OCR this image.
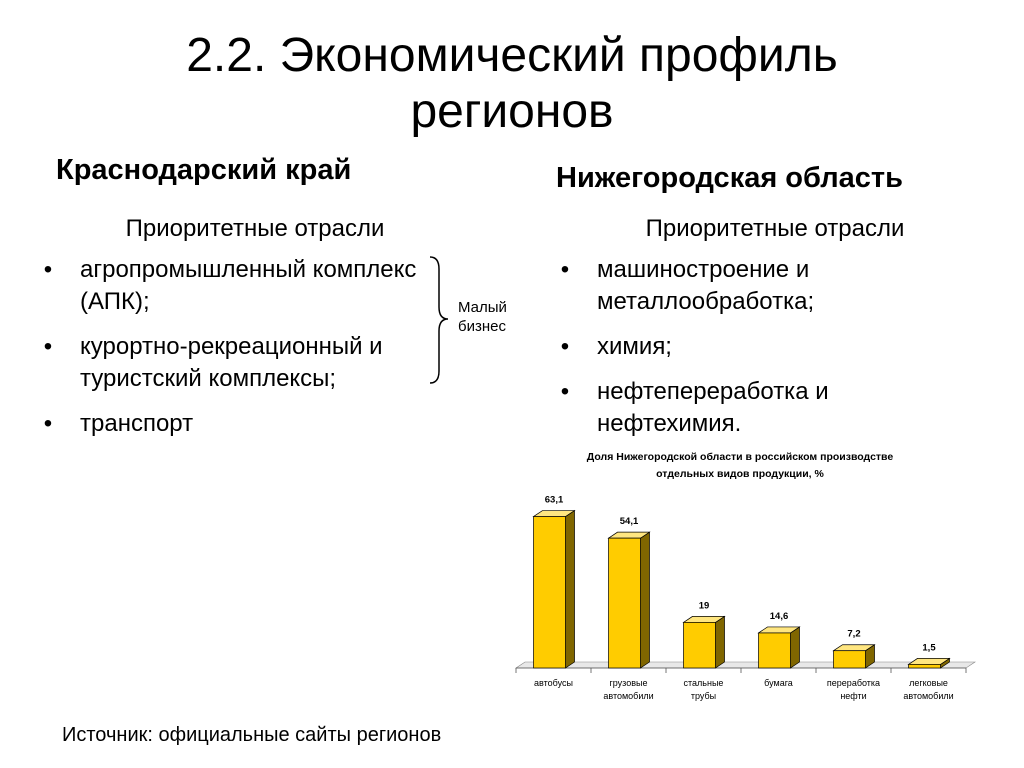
2.2. Экономический профиль
регионов
Краснодарский край	Нижегородская область
Приоритетные отрасли	Приоритетные отрасли
• агропромышленный комплекс (АПК);
• курортно-рекреационный и туристский комплексы;
• транспорт
Малый
бизнес
• машиностроение и металлообработка;
• химия;
• нефтепереработка и нефтехимия.
Доля Нижегородской области в российском производстве
отдельных видов продукции, %
63,1
автобусы
54,1
грузовые
автомобили
19
стальные
трубы
14,6
бумага
7,2
переработка
нефти
1,5
легковые
автомобили
Источник: официальные сайты регионов
